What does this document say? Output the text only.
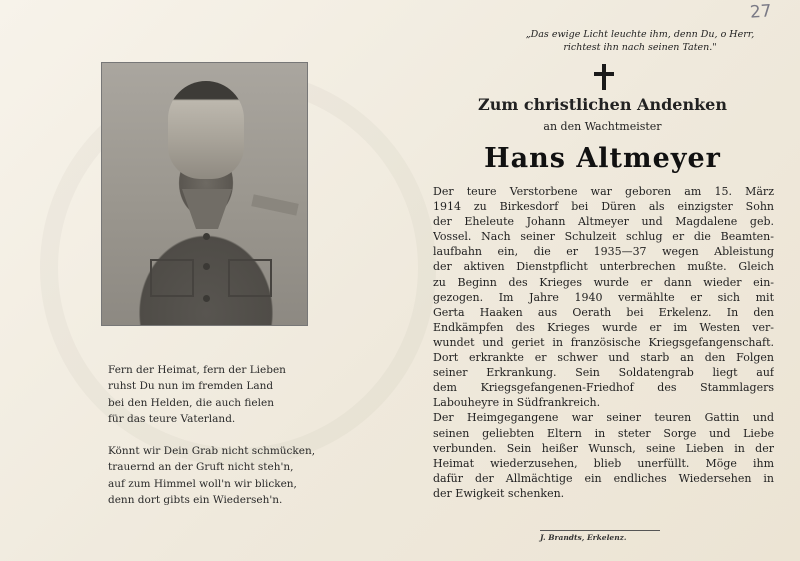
27
Fern der Heimat, fern der Lieben
ruhst Du nun im fremden Land
bei den Helden, die auch fielen
für das teure Vaterland.
Könnt wir Dein Grab nicht schmücken,
trauernd an der Gruft nicht steh'n,
auf zum Himmel woll'n wir blicken,
denn dort gibts ein Wiederseh'n.
„Das ewige Licht leuchte ihm, denn Du, o Herr,
richtest ihn nach seinen Taten."
Zum christlichen Andenken
an den Wachtmeister
Hans Altmeyer
Der teure Verstorbene war geboren am 15. März
1914 zu Birkesdorf bei Düren als einzigster Sohn
der Eheleute Johann Altmeyer und Magdalene geb.
Vossel. Nach seiner Schulzeit schlug er die Beamten-
laufbahn ein, die er 1935—37 wegen Ableistung
der aktiven Dienstpflicht unterbrechen mußte. Gleich
zu Beginn des Krieges wurde er dann wieder ein-
gezogen. Im Jahre 1940 vermählte er sich mit
Gerta Haaken aus Oerath bei Erkelenz. In den
Endkämpfen des Krieges wurde er im Westen ver-
wundet und geriet in französische Kriegsgefangenschaft.
Dort erkrankte er schwer und starb an den Folgen
seiner Erkrankung. Sein Soldatengrab liegt auf
dem Kriegsgefangenen-Friedhof des Stammlagers
Labouheyre in Südfrankreich.
Der Heimgegangene war seiner teuren Gattin und
seinen geliebten Eltern in steter Sorge und Liebe
verbunden. Sein heißer Wunsch, seine Lieben in der
Heimat wiederzusehen, blieb unerfüllt. Möge ihm
dafür der Allmächtige ein endliches Wiedersehen in
der Ewigkeit schenken.
J. Brandts, Erkelenz.
